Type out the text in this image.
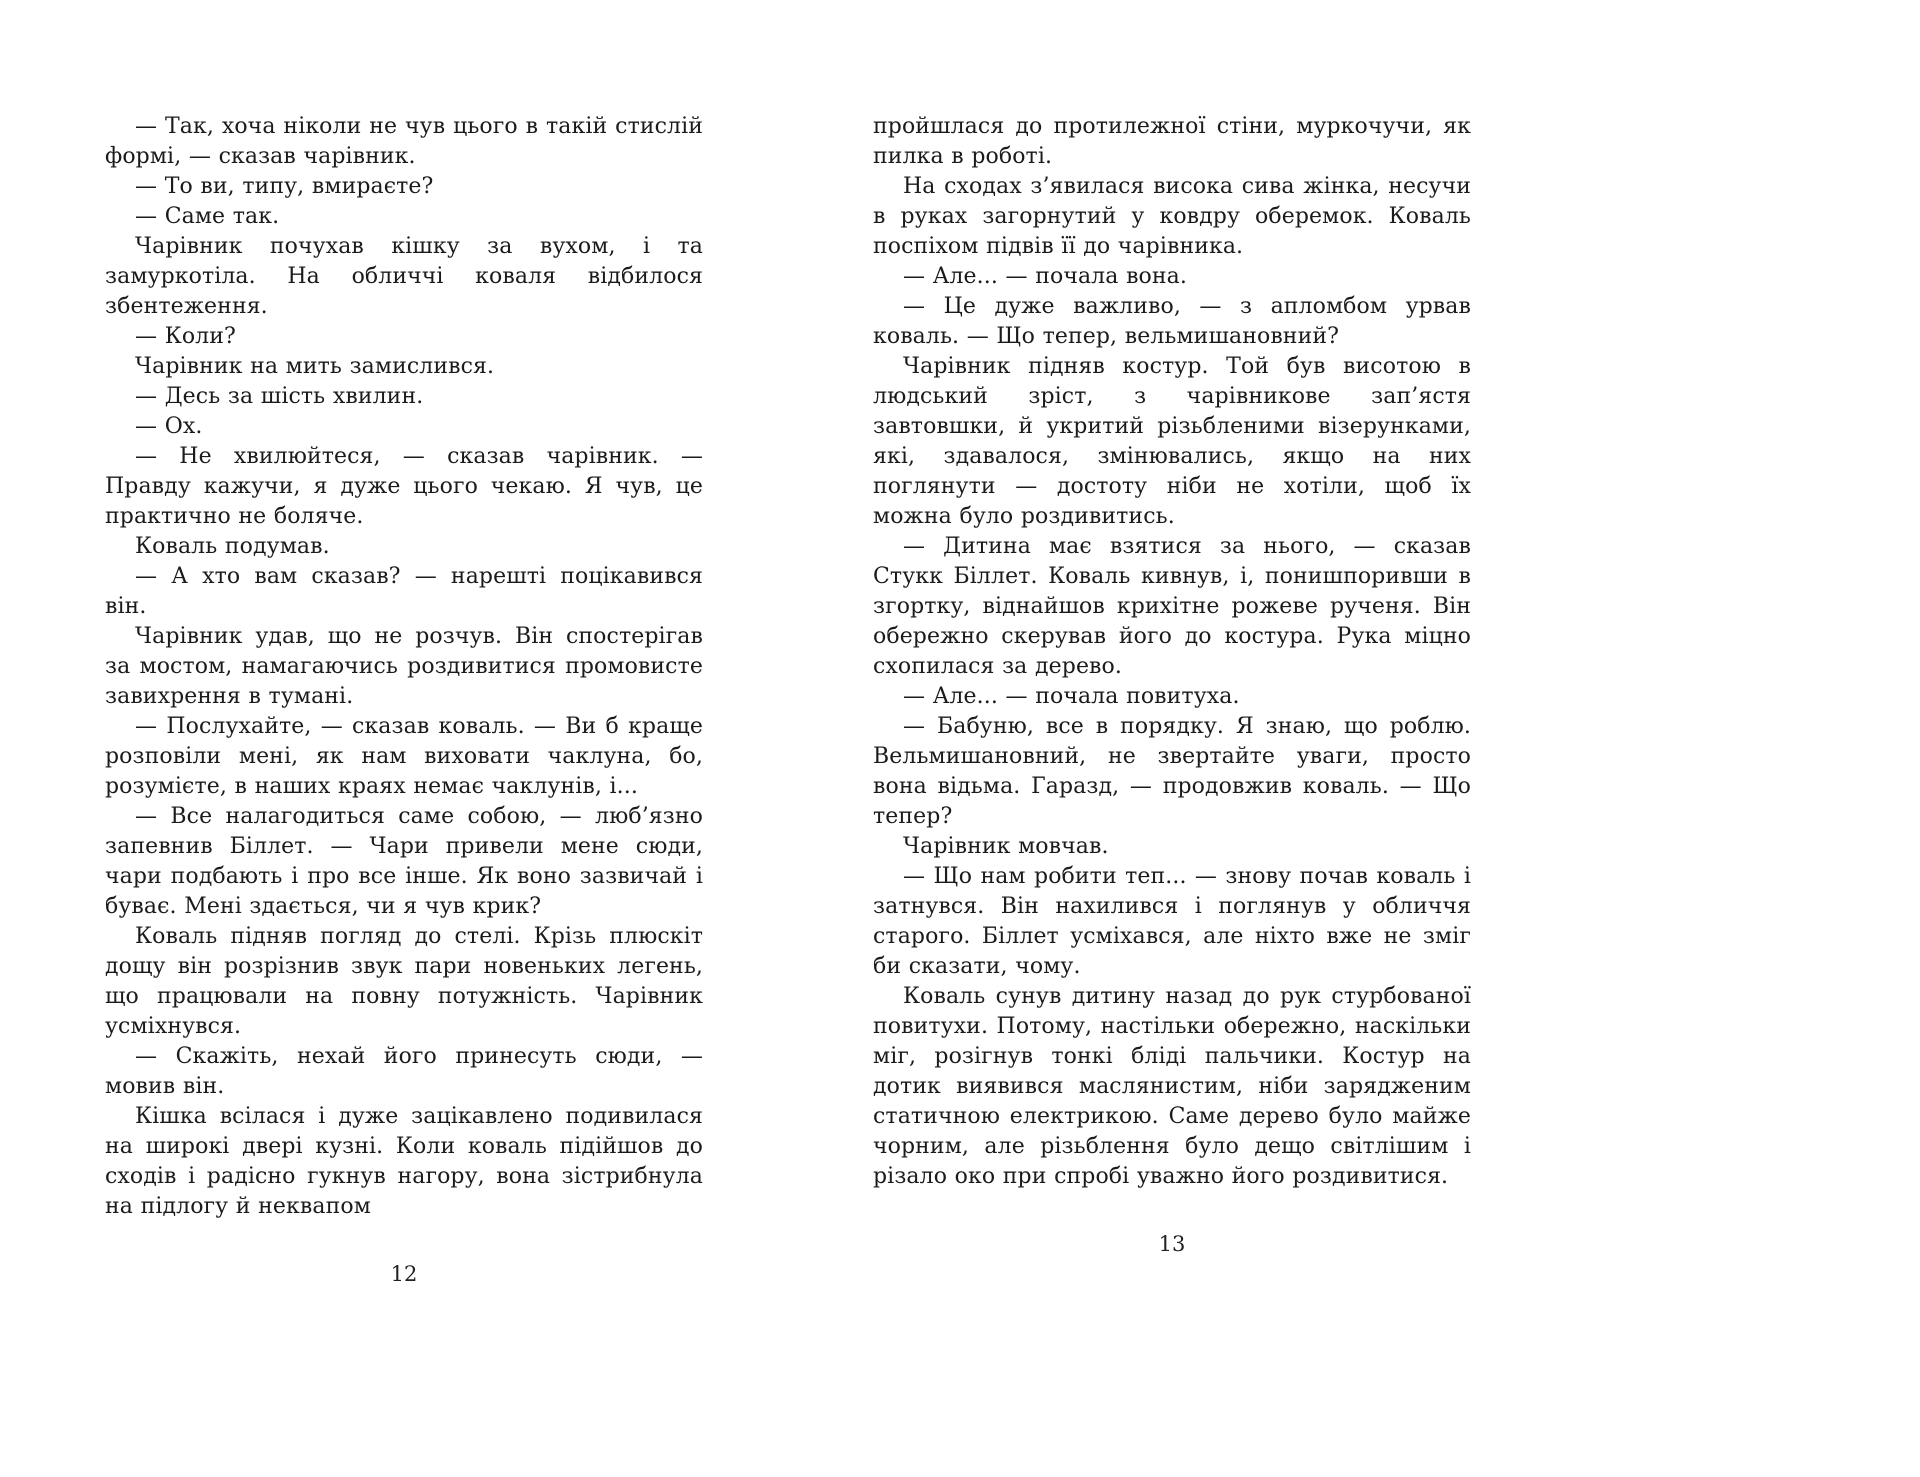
— Так, хоча ніколи не чув цього в такій стислій формі, — сказав чарівник.

— То ви, типу, вмираєте?

— Саме так.

Чарівник почухав кішку за вухом, і та замуркотіла. На обличчі коваля відбилося збентеження.

— Коли?

Чарівник на мить замислився.

— Десь за шість хвилин.

— Ох.

— Не хвилюйтеся, — сказав чарівник. — Правду кажучи, я дуже цього чекаю. Я чув, це практично не боляче.

Коваль подумав.

— А хто вам сказав? — нарешті поцікавився він.

Чарівник удав, що не розчув. Він спостерігав за мостом, намагаючись роздивитися промовисте завихрення в тумані.

— Послухайте, — сказав коваль. — Ви б краще розповіли мені, як нам виховати чаклуна, бо, розумієте, в наших краях немає чаклунів, і...

— Все налагодиться саме собою, — люб’язно запевнив Біллет. — Чари привели мене сюди, чари подбають і про все інше. Як воно зазвичай і буває. Мені здається, чи я чув крик?

Коваль підняв погляд до стелі. Крізь плюскіт дощу він розрізнив звук пари новеньких легень, що працювали на повну потужність. Чарівник усміхнувся.

— Скажіть, нехай його принесуть сюди, — мовив він.

Кішка всілася і дуже зацікавлено подивилася на широкі двері кузні. Коли коваль підійшов до сходів і радісно гукнув нагору, вона зістрибнула на підлогу й неквапом

12

пройшлася до протилежної стіни, муркочучи, як пилка в роботі.

На сходах з’явилася висока сива жінка, несучи в руках загорнутий у ковдру оберемок. Коваль поспіхом підвів її до чарівника.

— Але... — почала вона.

— Це дуже важливо, — з апломбом урвав коваль. — Що тепер, вельмишановний?

Чарівник підняв костур. Той був висотою в людський зріст, з чарівникове зап’ястя завтовшки, й укритий різьбленими візерунками, які, здавалося, змінювались, якщо на них поглянути — достоту ніби не хотіли, щоб їх можна було роздивитись.

— Дитина має взятися за нього, — сказав Стукк Біллет. Коваль кивнув, і, понишпоривши в згортку, віднайшов крихітне рожеве рученя. Він обережно скерував його до костура. Рука міцно схопилася за дерево.

— Але... — почала повитуха.

— Бабуню, все в порядку. Я знаю, що роблю. Вельмишановний, не звертайте уваги, просто вона відьма. Гаразд, — продовжив коваль. — Що тепер?

Чарівник мовчав.

— Що нам робити теп... — знову почав коваль і затнувся. Він нахилився і поглянув у обличчя старого. Біллет усміхався, але ніхто вже не зміг би сказати, чому.

Коваль сунув дитину назад до рук стурбованої повитухи. Потому, настільки обережно, наскільки міг, розігнув тонкі бліді пальчики. Костур на дотик виявився маслянистим, ніби зарядженим статичною електрикою. Саме дерево було майже чорним, але різьблення було дещо світлішим і різало око при спробі уважно його роздивитися.

13
